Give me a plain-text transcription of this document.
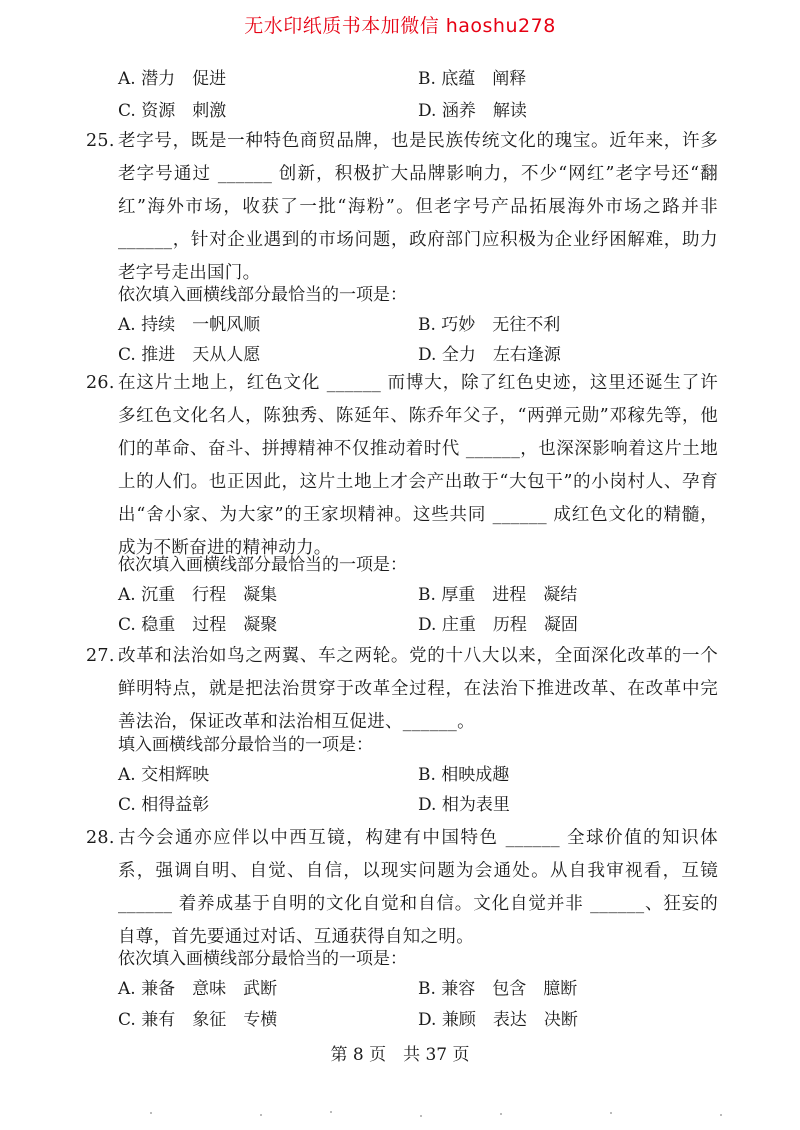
无水印纸质书本加微信 haoshu278
A. 潜力　促进	B. 底蕴　阐释
C. 资源　刺激	D. 涵养　解读
25. 老字号，既是一种特色商贸品牌，也是民族传统文化的瑰宝。近年来，许多老字号通过 ______ 创新，积极扩大品牌影响力，不少“网红”老字号还“翻红”海外市场，收获了一批“海粉”。但老字号产品拓展海外市场之路并非 ______，针对企业遇到的市场问题，政府部门应积极为企业纾困解难，助力老字号走出国门。
依次填入画横线部分最恰当的一项是：
A. 持续　一帆风顺	B. 巧妙　无往不利
C. 推进　天从人愿	D. 全力　左右逢源
26. 在这片土地上，红色文化 ______ 而博大，除了红色史迹，这里还诞生了许多红色文化名人，陈独秀、陈延年、陈乔年父子，“两弹元勋”邓稼先等，他们的革命、奋斗、拼搏精神不仅推动着时代 ______，也深深影响着这片土地上的人们。也正因此，这片土地上才会产出敢于“大包干”的小岗村人、孕育出“舍小家、为大家”的王家坝精神。这些共同 ______ 成红色文化的精髓，成为不断奋进的精神动力。
依次填入画横线部分最恰当的一项是：
A. 沉重　行程　凝集	B. 厚重　进程　凝结
C. 稳重　过程　凝聚	D. 庄重　历程　凝固
27. 改革和法治如鸟之两翼、车之两轮。党的十八大以来，全面深化改革的一个鲜明特点，就是把法治贯穿于改革全过程，在法治下推进改革、在改革中完善法治，保证改革和法治相互促进、______。
填入画横线部分最恰当的一项是：
A. 交相辉映	B. 相映成趣
C. 相得益彰	D. 相为表里
28. 古今会通亦应伴以中西互镜，构建有中国特色 ______ 全球价值的知识体系，强调自明、自觉、自信，以现实问题为会通处。从自我审视看，互镜 ______ 着养成基于自明的文化自觉和自信。文化自觉并非 ______、狂妄的自尊，首先要通过对话、互通获得自知之明。
依次填入画横线部分最恰当的一项是：
A. 兼备　意味　武断	B. 兼容　包含　臆断
C. 兼有　象征　专横	D. 兼顾　表达　决断
第 8 页　共 37 页
